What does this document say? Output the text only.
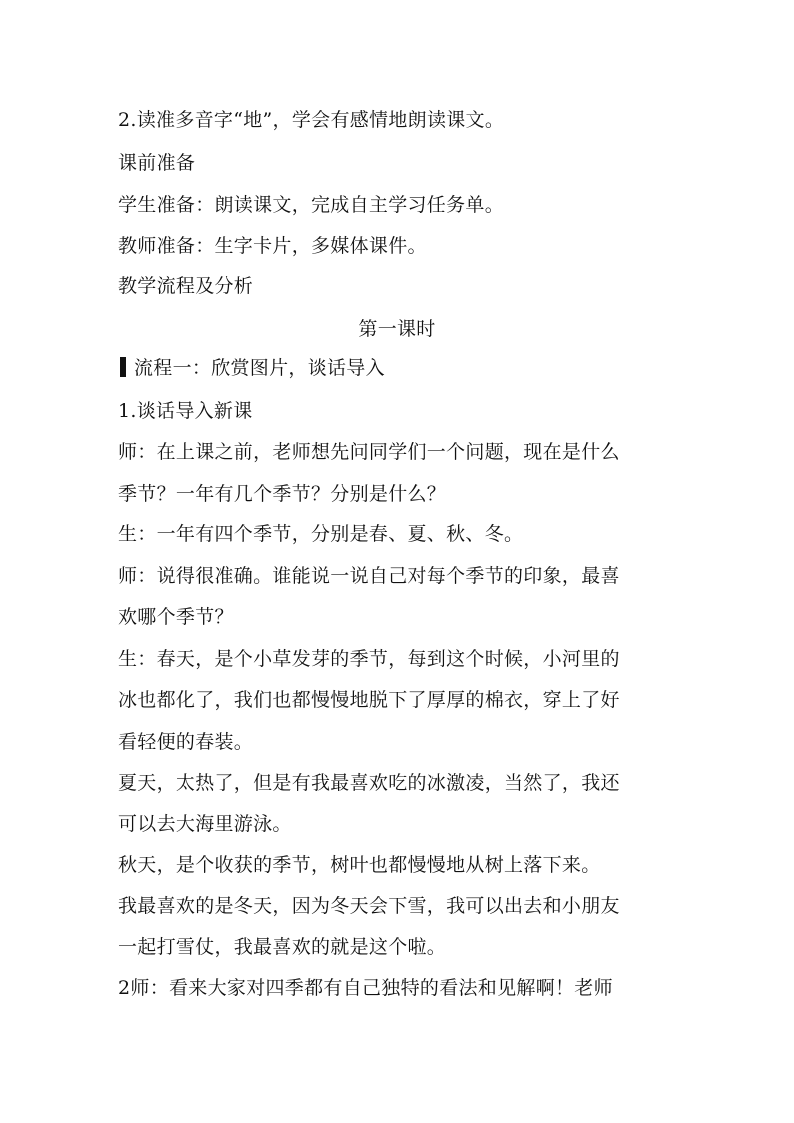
2.读准多音字“地”，学会有感情地朗读课文。
课前准备
学生准备：朗读课文，完成自主学习任务单。
教师准备：生字卡片，多媒体课件。
教学流程及分析
第一课时
流程一：欣赏图片，谈话导入
1.谈话导入新课
师：在上课之前，老师想先问同学们一个问题，现在是什么
季节？一年有几个季节？分别是什么？
生：一年有四个季节，分别是春、夏、秋、冬。
师：说得很准确。谁能说一说自己对每个季节的印象，最喜
欢哪个季节？
生：春天，是个小草发芽的季节，每到这个时候，小河里的
冰也都化了，我们也都慢慢地脱下了厚厚的棉衣，穿上了好
看轻便的春装。
夏天，太热了，但是有我最喜欢吃的冰激凌，当然了，我还
可以去大海里游泳。
秋天，是个收获的季节，树叶也都慢慢地从树上落下来。
我最喜欢的是冬天，因为冬天会下雪，我可以出去和小朋友
一起打雪仗，我最喜欢的就是这个啦。
2师：看来大家对四季都有自己独特的看法和见解啊！老师
